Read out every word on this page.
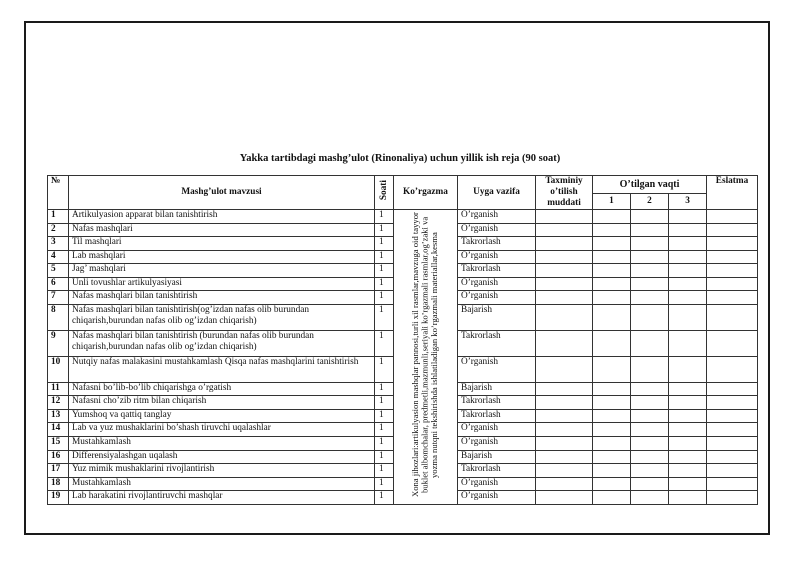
Yakka tartibdagi mashg’ulot (Rinonaliya) uchun yillik ish reja (90 soat)
№	Mashg’ulot mavzusi	Soati	Ko’rgazma	Uyga vazifa	Taxminiy o’tilish muddati	O’tilgan vaqti			Eslatma
						1	2	3	
1	Artikulyasion apparat bilan tanishtirish	1	Xona jihozlari:artikulyasion mashqlar pannosi,turli xil rasmlar,mavzuga oid tayyor buklet albomchalar, predmetli,mazmunli,seriyali ko’rgazmali rasmlar,og’zaki va yozma nutqni tekshirishda ishlatiladigan ko’rgazmali materiallar,kesma	O’rganish					
2	Nafas mashqlari	1		O’rganish					
3	Til mashqlari	1		Takrorlash					
4	Lab mashqlari	1		O’rganish					
5	Jag’ mashqlari	1		Takrorlash					
6	Unli tovushlar artikulyasiyasi	1		O’rganish					
7	Nafas mashqlari bilan tanishtirish	1		O’rganish					
8	Nafas mashqlari bilan tanishtirish(og’izdan nafas olib burundan chiqarish,burundan nafas olib og’izdan chiqarish)	1		Bajarish					
9	Nafas mashqlari bilan tanishtirish (burundan nafas olib burundan chiqarish,burundan nafas olib og’izdan chiqarish)	1		Takrorlash					
10	Nutqiy nafas malakasini mustahkamlash Qisqa nafas mashqlarini tanishtirish	1		O’rganish					
11	Nafasni bo’lib-bo’lib chiqarishga o’rgatish	1		Bajarish					
12	Nafasni cho’zib ritm bilan chiqarish	1		Takrorlash					
13	Yumshoq va qattiq tanglay	1		Takrorlash					
14	Lab va yuz mushaklarini bo’shash tiruvchi uqalashlar	1		O’rganish					
15	Mustahkamlash	1		O’rganish					
16	Differensiyalashgan uqalash	1		Bajarish					
17	Yuz mimik mushaklarini rivojlantirish	1		Takrorlash					
18	Mustahkamlash	1		O’rganish					
19	Lab harakatini rivojlantiruvchi mashqlar	1		O’rganish					
